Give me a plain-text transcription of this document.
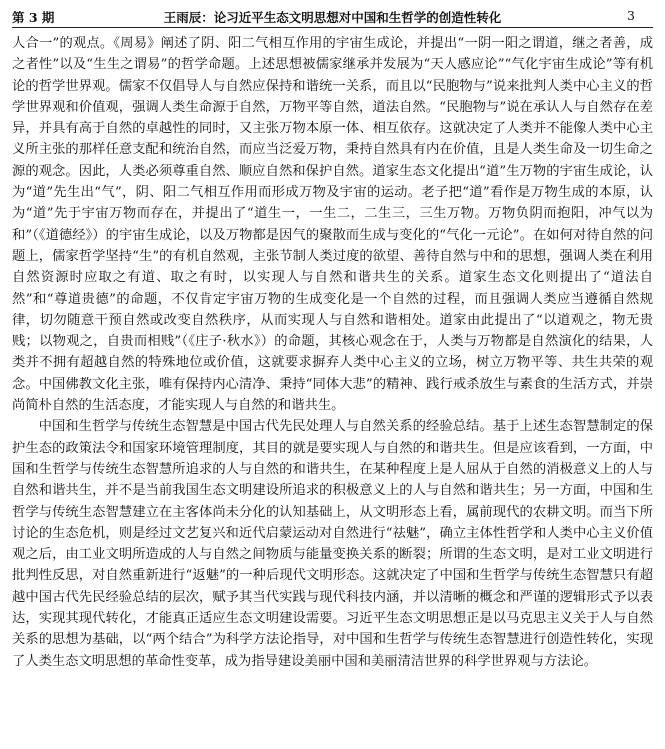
第 3 期	王雨辰：论习近平生态文明思想对中国和生哲学的创造性转化	3

人合一”的观点。《周易》阐述了阴、阳二气相互作用的宇宙生成论，并提出“一阴一阳之谓道，继之者善，成之者性”以及“生生之谓易”的哲学命题。上述思想被儒家继承并发展为“天人感应论”“气化宇宙生成论”等有机论的哲学世界观。儒家不仅倡导人与自然应保持和谐统一关系，而且以“民胞物与”说来批判人类中心主义的哲学世界观和价值观，强调人类生命源于自然，万物平等自然，道法自然。“民胞物与”说在承认人与自然存在差异，并具有高于自然的卓越性的同时，又主张万物本原一体、相互依存。这就决定了人类并不能像人类中心主义所主张的那样任意支配和统治自然，而应当泛爱万物，秉持自然具有内在价值，且是人类生命及一切生命之源的观念。因此，人类必须尊重自然、顺应自然和保护自然。道家生态文化提出“道”生万物的宇宙生成论，认为“道”先生出“气”，阴、阳二气相互作用而形成万物及宇宙的运动。老子把“道”看作是万物生成的本原，认为“道”先于宇宙万物而存在，并提出了“道生一，一生二，二生三，三生万物。万物负阴而抱阳，冲气以为和”（《道德经》）的宇宙生成论，以及万物都是因气的聚散而生成与变化的“气化一元论”。在如何对待自然的问题上，儒家哲学坚持“生”的有机自然观，主张节制人类过度的欲望、善待自然与中和的思想，强调人类在利用自然资源时应取之有道、取之有时，以实现人与自然和谐共生的关系。道家生态文化则提出了“道法自然”和“尊道贵德”的命题，不仅肯定宇宙万物的生成变化是一个自然的过程，而且强调人类应当遵循自然规律，切勿随意干预自然或改变自然秩序，从而实现人与自然和谐相处。道家由此提出了“以道观之，物无贵贱；以物观之，自贵而相贱”（《庄子·秋水》）的命题，其核心观念在于，人类与万物都是自然演化的结果，人类并不拥有超越自然的特殊地位或价值，这就要求摒弃人类中心主义的立场，树立万物平等、共生共荣的观念。中国佛教文化主张，唯有保持内心清净、秉持“同体大悲”的精神、践行戒杀放生与素食的生活方式，并崇尚简朴自然的生活态度，才能实现人与自然的和谐共生。

中国和生哲学与传统生态智慧是中国古代先民处理人与自然关系的经验总结。基于上述生态智慧制定的保护生态的政策法令和国家环境管理制度，其目的就是要实现人与自然的和谐共生。但是应该看到，一方面，中国和生哲学与传统生态智慧所追求的人与自然的和谐共生，在某种程度上是人屈从于自然的消极意义上的人与自然和谐共生，并不是当前我国生态文明建设所追求的积极意义上的人与自然和谐共生；另一方面，中国和生哲学与传统生态智慧建立在主客体尚未分化的认知基础上，从文明形态上看，属前现代的农耕文明。而当下所讨论的生态危机，则是经过文艺复兴和近代启蒙运动对自然进行“祛魅”，确立主体性哲学和人类中心主义价值观之后，由工业文明所造成的人与自然之间物质与能量变换关系的断裂；所谓的生态文明，是对工业文明进行批判性反思，对自然重新进行“返魅”的一种后现代文明形态。这就决定了中国和生哲学与传统生态智慧只有超越中国古代先民经验总结的层次，赋予其当代实践与现代科技内涵，并以清晰的概念和严谨的逻辑形式予以表达，实现其现代转化，才能真正适应生态文明建设需要。习近平生态文明思想正是以马克思主义关于人与自然关系的思想为基础，以“两个结合”为科学方法论指导，对中国和生哲学与传统生态智慧进行创造性转化，实现了人类生态文明思想的革命性变革，成为指导建设美丽中国和美丽清洁世界的科学世界观与方法论。
